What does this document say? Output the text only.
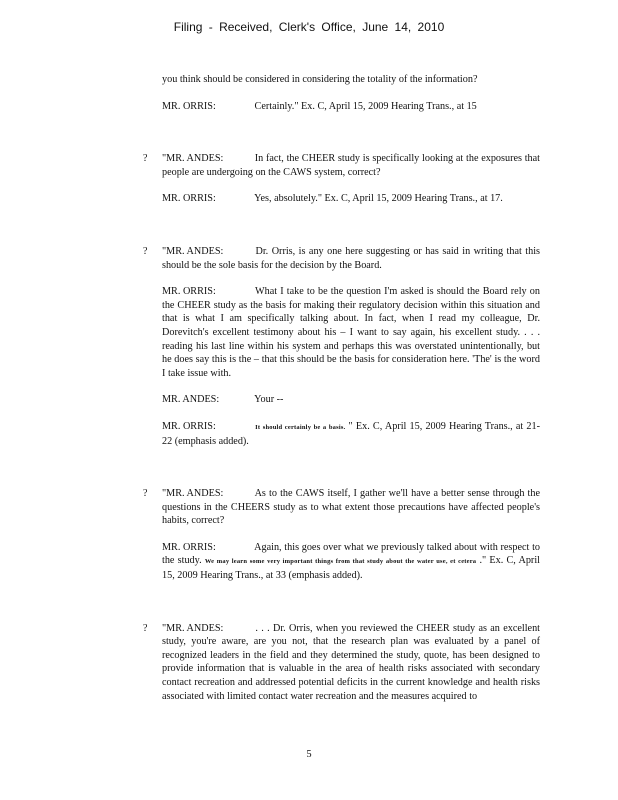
Filing - Received, Clerk's Office, June 14, 2010

you think should be considered in considering the totality of the information?

MR. ORRIS:	Certainly." Ex. C, April 15, 2009 Hearing Trans., at 15

? "MR. ANDES:	In fact, the CHEER study is specifically looking at the exposures that people are undergoing on the CAWS system, correct?

MR. ORRIS:	Yes, absolutely." Ex. C, April 15, 2009 Hearing Trans., at 17.

? "MR. ANDES:	Dr. Orris, is any one here suggesting or has said in writing that this should be the sole basis for the decision by the Board.

MR. ORRIS:	What I take to be the question I'm asked is should the Board rely on the CHEER study as the basis for making their regulatory decision within this situation and that is what I am specifically talking about. In fact, when I read my colleague, Dr. Dorevitch's excellent testimony about his – I want to say again, his excellent study. . . . reading his last line within his system and perhaps this was overstated unintentionally, but he does say this is the – that this should be the basis for consideration here. 'The' is the word I take issue with.

MR. ANDES:	Your --

MR. ORRIS:	It should certainly be a basis. " Ex. C, April 15, 2009 Hearing Trans., at 21-22 (emphasis added).

? "MR. ANDES:	As to the CAWS itself, I gather we'll have a better sense through the questions in the CHEERS study as to what extent those precautions have affected people's habits, correct?

MR. ORRIS:	Again, this goes over what we previously talked about with respect to the study. We may learn some very important things from that study about the water use, et cetera ." Ex. C, April 15, 2009 Hearing Trans., at 33 (emphasis added).

? "MR. ANDES:	. . . Dr. Orris, when you reviewed the CHEER study as an excellent study, you're aware, are you not, that the research plan was evaluated by a panel of recognized leaders in the field and they determined the study, quote, has been designed to provide information that is valuable in the area of health risks associated with secondary contact recreation and addressed potential deficits in the current knowledge and health risks associated with limited contact water recreation and the measures acquired to

5
